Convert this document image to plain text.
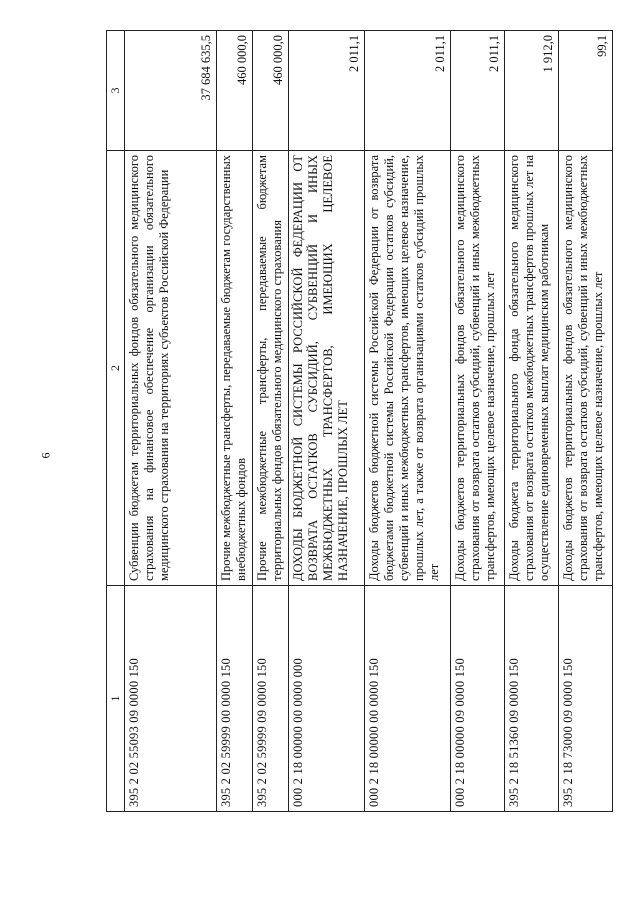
6
1	2	3
395 2 02 55093 09 0000 150	Субвенции бюджетам территориальных фондов обязательного медицинского страхования на финансовое обеспечение организации обязательного медицинского страхования на территориях субъектов Российской Федерации	37 684 635,5
395 2 02 59999 00 0000 150	Прочие межбюджетные трансферты, передаваемые бюджетам государственных внебюджетных фондов	460 000,0
395 2 02 59999 09 0000 150	Прочие межбюджетные трансферты, передаваемые бюджетам территориальных фондов обязательного медицинского страхования	460 000,0
000 2 18 00000 00 0000 000	ДОХОДЫ БЮДЖЕТНОЙ СИСТЕМЫ РОССИЙСКОЙ ФЕДЕРАЦИИ ОТ ВОЗВРАТА ОСТАТКОВ СУБСИДИЙ, СУБВЕНЦИЙ И ИНЫХ МЕЖБЮДЖЕТНЫХ ТРАНСФЕРТОВ, ИМЕЮЩИХ ЦЕЛЕВОЕ НАЗНАЧЕНИЕ, ПРОШЛЫХ ЛЕТ	2 011,1
000 2 18 00000 00 0000 150	Доходы бюджетов бюджетной системы Российской Федерации от возврата бюджетами бюджетной системы Российской Федерации остатков субсидий, субвенций и иных межбюджетных трансфертов, имеющих целевое назначение, прошлых лет, а также от возврата организациями остатков субсидий прошлых лет	2 011,1
000 2 18 00000 09 0000 150	Доходы бюджетов территориальных фондов обязательного медицинского страхования от возврата остатков субсидий, субвенций и иных межбюджетных трансфертов, имеющих целевое назначение, прошлых лет	2 011,1
395 2 18 51360 09 0000 150	Доходы бюджета территориального фонда обязательного медицинского страхования от возврата остатков межбюджетных трансфертов прошлых лет на осуществление единовременных выплат медицинским работникам	1 912,0
395 2 18 73000 09 0000 150	Доходы бюджетов территориальных фондов обязательного медицинского страхования от возврата остатков субсидий, субвенций и иных межбюджетных трансфертов, имеющих целевое назначение, прошлых лет	99,1
